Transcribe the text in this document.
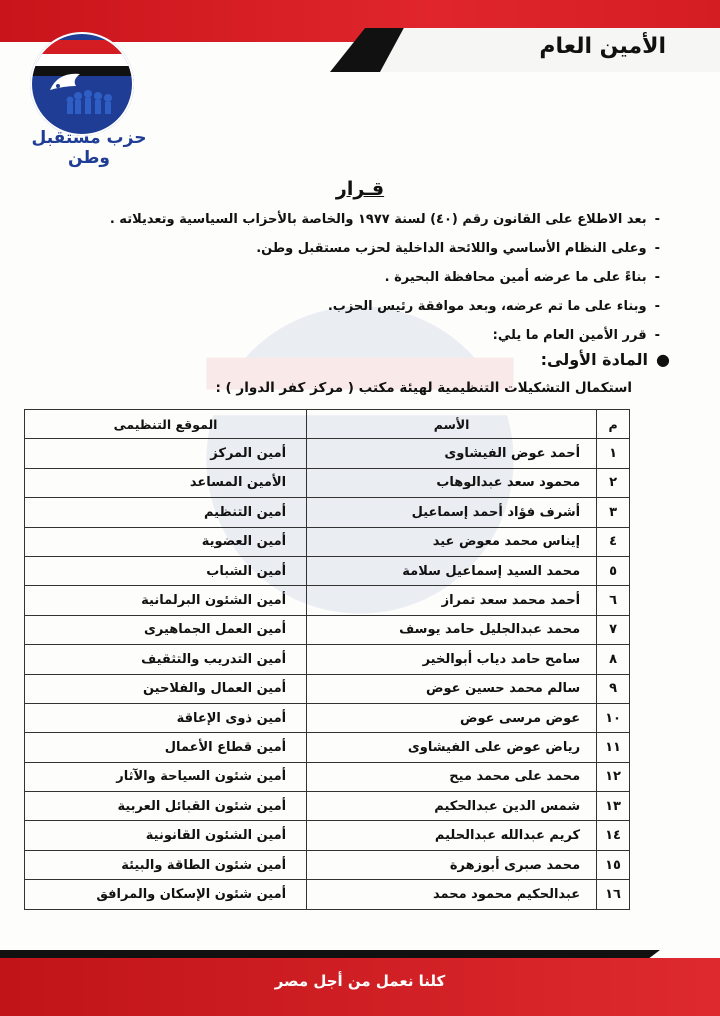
الأمين العام
حزب مستقبل وطن
قـرار
-
بعد الاطلاع على القانون رقم (٤٠) لسنة ١٩٧٧ والخاصة بالأحزاب السياسية وتعديلاته .
-
وعلى النظام الأساسي واللائحة الداخلية لحزب مستقبل وطن.
-
بناءً على ما عرضه أمين محافظة البحيرة .
-
وبناء على ما تم عرضه، وبعد موافقة رئيس الحزب.
-
قرر الأمين العام ما يلي:
●
المادة الأولى:
استكمال التشكيلات التنظيمية لهيئة مكتب ( مركز كفر الدوار ) :
م	الأسم	الموقع التنظيمى
١	أحمد عوض الفيشاوى	أمين المركز
٢	محمود سعد عبدالوهاب	الأمين المساعد
٣	أشرف فؤاد أحمد إسماعيل	أمين التنظيم
٤	إيناس محمد معوض عيد	أمين العضوية
٥	محمد السيد إسماعيل سلامة	أمين الشباب
٦	أحمد محمد سعد تمراز	أمين الشئون البرلمانية
٧	محمد عبدالجليل حامد يوسف	أمين العمل الجماهيرى
٨	سامح حامد دياب أبوالخير	أمين التدريب والتثقيف
٩	سالم محمد حسين عوض	أمين العمال والفلاحين
١٠	عوض مرسى عوض	أمين ذوى الإعاقة
١١	رياض عوض على الفيشاوى	أمين قطاع الأعمال
١٢	محمد على محمد ميح	أمين شئون السياحة والآثار
١٣	شمس الدين عبدالحكيم	أمين شئون القبائل العربية
١٤	كريم عبدالله عبدالحليم	أمين الشئون القانونية
١٥	محمد صبرى أبوزهرة	أمين شئون الطاقة والبيئة
١٦	عبدالحكيم محمود محمد	أمين شئون الإسكان والمرافق
كلنا نعمل من أجل مصر
